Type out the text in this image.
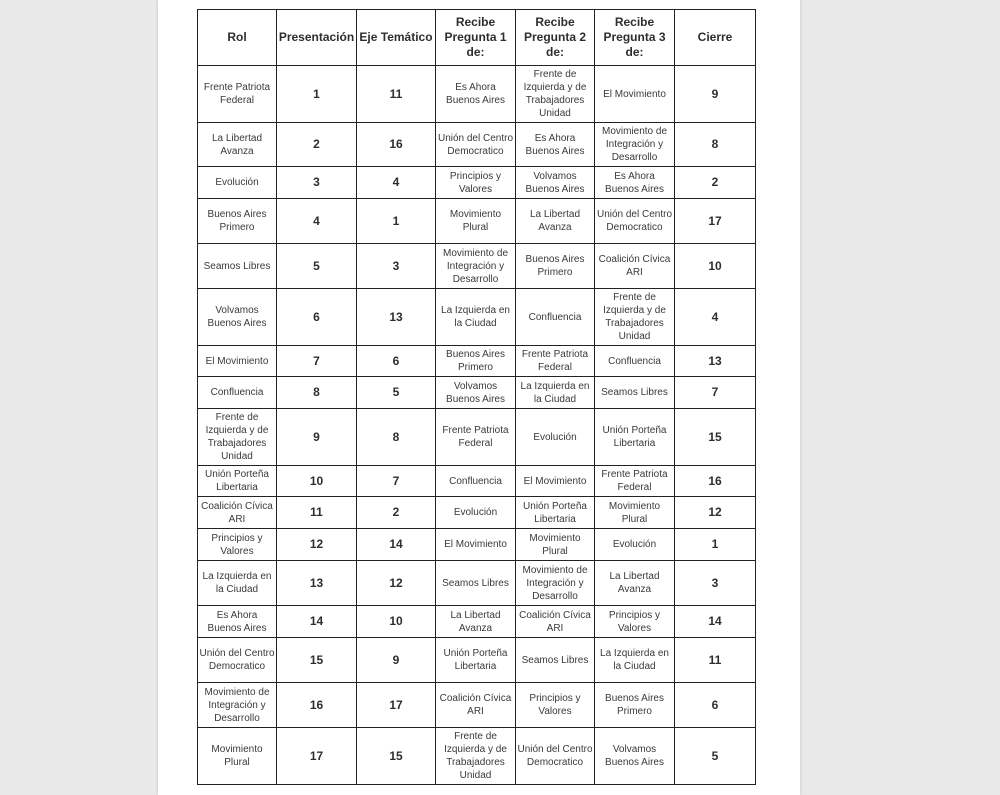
Rol	Presentación	Eje Temático	Recibe Pregunta 1 de:	Recibe Pregunta 2 de:	Recibe Pregunta 3 de:	Cierre
Frente Patriota Federal	1	11	Es Ahora Buenos Aires	Frente de Izquierda y de Trabajadores Unidad	El Movimiento	9
La Libertad Avanza	2	16	Unión del Centro Democratico	Es Ahora Buenos Aires	Movimiento de Integración y Desarrollo	8
Evolución	3	4	Principios y Valores	Volvamos Buenos Aires	Es Ahora Buenos Aires	2
Buenos Aires Primero	4	1	Movimiento Plural	La Libertad Avanza	Unión del Centro Democratico	17
Seamos Libres	5	3	Movimiento de Integración y Desarrollo	Buenos Aires Primero	Coalición Cívica ARI	10
Volvamos Buenos Aires	6	13	La Izquierda en la Ciudad	Confluencia	Frente de Izquierda y de Trabajadores Unidad	4
El Movimiento	7	6	Buenos Aires Primero	Frente Patriota Federal	Confluencia	13
Confluencia	8	5	Volvamos Buenos Aires	La Izquierda en la Ciudad	Seamos Libres	7
Frente de Izquierda y de Trabajadores Unidad	9	8	Frente Patriota Federal	Evolución	Unión Porteña Libertaria	15
Unión Porteña Libertaria	10	7	Confluencia	El Movimiento	Frente Patriota Federal	16
Coalición Cívica ARI	11	2	Evolución	Unión Porteña Libertaria	Movimiento Plural	12
Principios y Valores	12	14	El Movimiento	Movimiento Plural	Evolución	1
La Izquierda en la Ciudad	13	12	Seamos Libres	Movimiento de Integración y Desarrollo	La Libertad Avanza	3
Es Ahora Buenos Aires	14	10	La Libertad Avanza	Coalición Cívica ARI	Principios y Valores	14
Unión del Centro Democratico	15	9	Unión Porteña Libertaria	Seamos Libres	La Izquierda en la Ciudad	11
Movimiento de Integración y Desarrollo	16	17	Coalición Cívica ARI	Principios y Valores	Buenos Aires Primero	6
Movimiento Plural	17	15	Frente de Izquierda y de Trabajadores Unidad	Unión del Centro Democratico	Volvamos Buenos Aires	5
